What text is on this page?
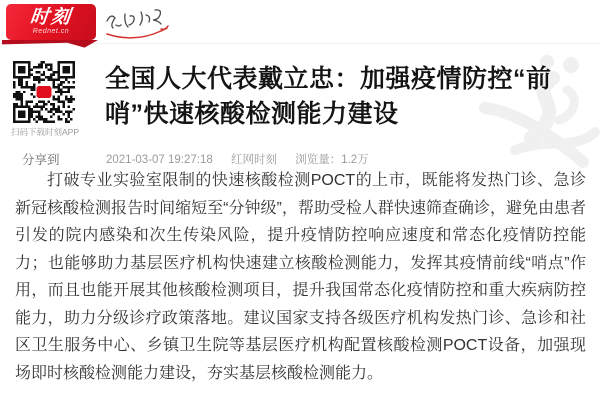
时刻
Rednet.cn
扫码下载时刻APP
分享到
全国人大代表戴立忠：加强疫情防控“前哨”快速核酸检测能力建设
2021-03-07 19:27:18 红网时刻 浏览量：1.2万

打破专业实验室限制的快速核酸检测POCT的上市，既能将发热门诊、急诊新冠核酸检测报告时间缩短至“分钟级”，帮助受检人群快速筛查确诊，避免由患者引发的院内感染和次生传染风险，提升疫情防控响应速度和常态化疫情防控能力；也能够助力基层医疗机构快速建立核酸检测能力，发挥其疫情前线“哨点”作用，而且也能开展其他核酸检测项目，提升我国常态化疫情防控和重大疾病防控能力，助力分级诊疗政策落地。建议国家支持各级医疗机构发热门诊、急诊和社区卫生服务中心、乡镇卫生院等基层医疗机构配置核酸检测POCT设备，加强现场即时核酸检测能力建设，夯实基层核酸检测能力。
